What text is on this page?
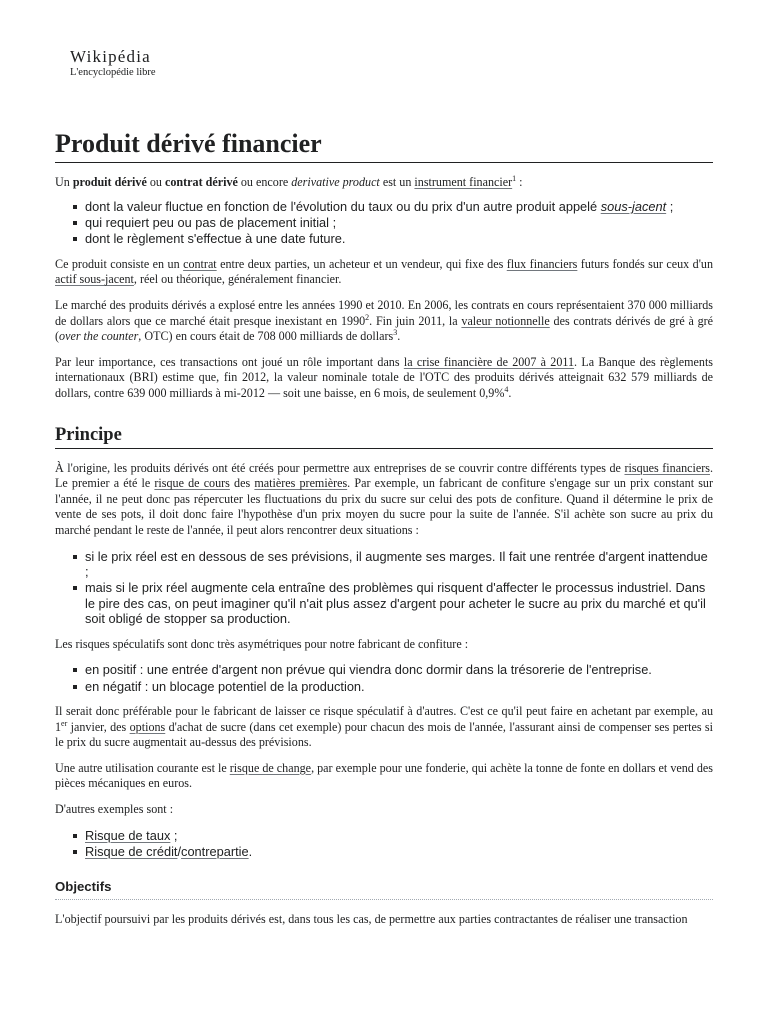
Wikipédia
L'encyclopédie libre
Produit dérivé financier

Un produit dérivé ou contrat dérivé ou encore derivative product est un instrument financier$^1$ :

dont la valeur fluctue en fonction de l'évolution du taux ou du prix d'un autre produit appelé sous-jacent ;
qui requiert peu ou pas de placement initial ;
dont le règlement s'effectue à une date future.

Ce produit consiste en un contrat entre deux parties, un acheteur et un vendeur, qui fixe des flux financiers futurs fondés sur ceux d'un actif sous-jacent, réel ou théorique, généralement financier.

Le marché des produits dérivés a explosé entre les années 1990 et 2010. En 2006, les contrats en cours représentaient 370 000 milliards de dollars alors que ce marché était presque inexistant en 1990$^2$. Fin juin 2011, la valeur notionnelle des contrats dérivés de gré à gré (over the counter, OTC) en cours était de 708 000 milliards de dollars$^3$.

Par leur importance, ces transactions ont joué un rôle important dans la crise financière de 2007 à 2011. La Banque des règlements internationaux (BRI) estime que, fin 2012, la valeur nominale totale de l'OTC des produits dérivés atteignait 632 579 milliards de dollars, contre 639 000 milliards à mi-2012 — soit une baisse, en 6 mois, de seulement 0,9%$^4$.

Principe

À l'origine, les produits dérivés ont été créés pour permettre aux entreprises de se couvrir contre différents types de risques financiers. Le premier a été le risque de cours des matières premières. Par exemple, un fabricant de confiture s'engage sur un prix constant sur l'année, il ne peut donc pas répercuter les fluctuations du prix du sucre sur celui des pots de confiture. Quand il détermine le prix de vente de ses pots, il doit donc faire l'hypothèse d'un prix moyen du sucre pour la suite de l'année. S'il achète son sucre au prix du marché pendant le reste de l'année, il peut alors rencontrer deux situations :

si le prix réel est en dessous de ses prévisions, il augmente ses marges. Il fait une rentrée d'argent inattendue ;
mais si le prix réel augmente cela entraîne des problèmes qui risquent d'affecter le processus industriel. Dans le pire des cas, on peut imaginer qu'il n'ait plus assez d'argent pour acheter le sucre au prix du marché et qu'il soit obligé de stopper sa production.

Les risques spéculatifs sont donc très asymétriques pour notre fabricant de confiture :

en positif : une entrée d'argent non prévue qui viendra donc dormir dans la trésorerie de l'entreprise.
en négatif : un blocage potentiel de la production.

Il serait donc préférable pour le fabricant de laisser ce risque spéculatif à d'autres. C'est ce qu'il peut faire en achetant par exemple, au 1er janvier, des options d'achat de sucre (dans cet exemple) pour chacun des mois de l'année, l'assurant ainsi de compenser ses pertes si le prix du sucre augmentait au-dessus des prévisions.

Une autre utilisation courante est le risque de change, par exemple pour une fonderie, qui achète la tonne de fonte en dollars et vend des pièces mécaniques en euros.

D'autres exemples sont :

Risque de taux ;
Risque de crédit/contrepartie.
Objectifs

L'objectif poursuivi par les produits dérivés est, dans tous les cas, de permettre aux parties contractantes de réaliser une transaction
